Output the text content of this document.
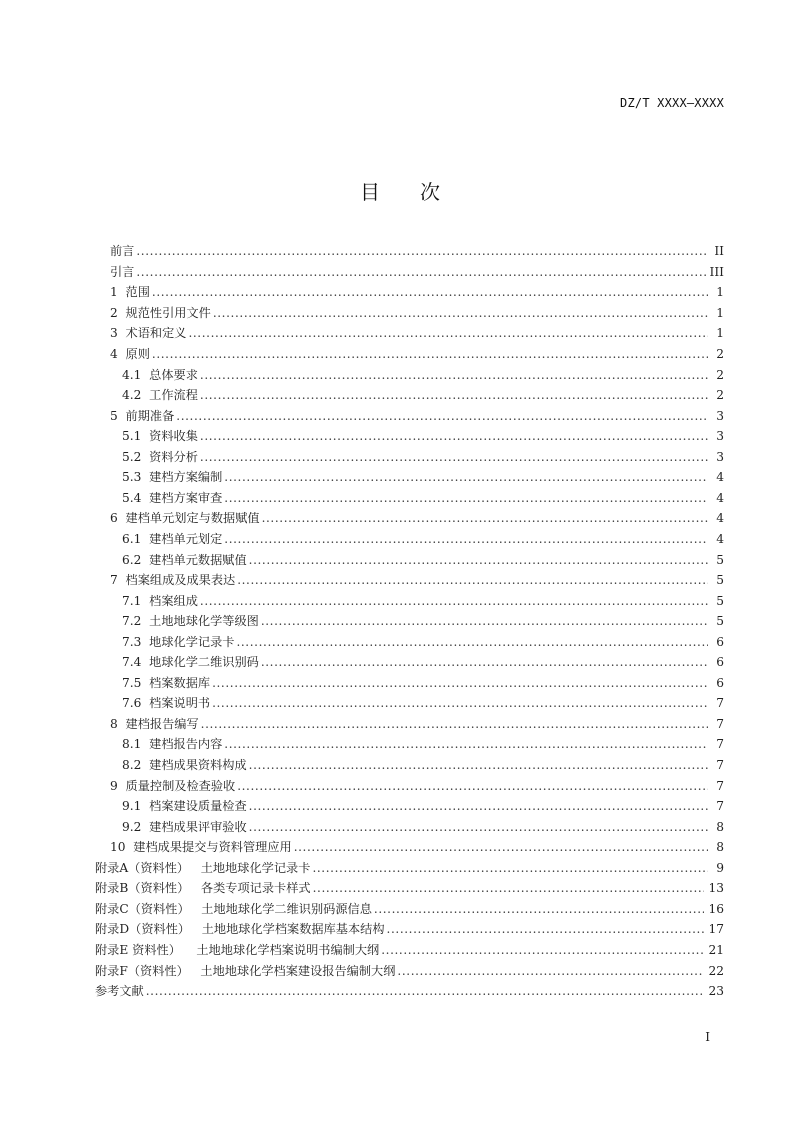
DZ/T XXXX—XXXX
目 次
前言 . . .	II
引言 . . .	III
1 范围 . . .	1
2 规范性引用文件 . . .	1
3 术语和定义 . . .	1
4 原则 . . .	2
4.1 总体要求 . . .	2
4.2 工作流程 . . .	2
5 前期准备 . . .	3
5.1 资料收集 . . .	3
5.2 资料分析 . . .	3
5.3 建档方案编制 . . .	4
5.4 建档方案审查 . . .	4
6 建档单元划定与数据赋值 . . .	4
6.1 建档单元划定 . . .	4
6.2 建档单元数据赋值 . . .	5
7 档案组成及成果表达 . . .	5
7.1 档案组成 . . .	5
7.2 土地地球化学等级图 . . .	5
7.3 地球化学记录卡 . . .	6
7.4 地球化学二维识别码 . . .	6
7.5 档案数据库 . . .	6
7.6 档案说明书 . . .	7
8 建档报告编写 . . .	7
8.1 建档报告内容 . . .	7
8.2 建档成果资料构成 . . .	7
9 质量控制及检查验收 . . .	7
9.1 档案建设质量检查 . . .	7
9.2 建档成果评审验收 . . .	8
10 建档成果提交与资料管理应用 . . .	8
附录A（资料性） 土地地球化学记录卡 . . .	9
附录B（资料性） 各类专项记录卡样式 . . .	13
附录C（资料性） 土地地球化学二维识别码源信息 . . .	16
附录D（资料性） 土地地球化学档案数据库基本结构 . . .	17
附录E 资料性） 土地地球化学档案说明书编制大纲 . . .	21
附录F（资料性） 土地地球化学档案建设报告编制大纲 . . .	22
参考文献 . . .	23
I
